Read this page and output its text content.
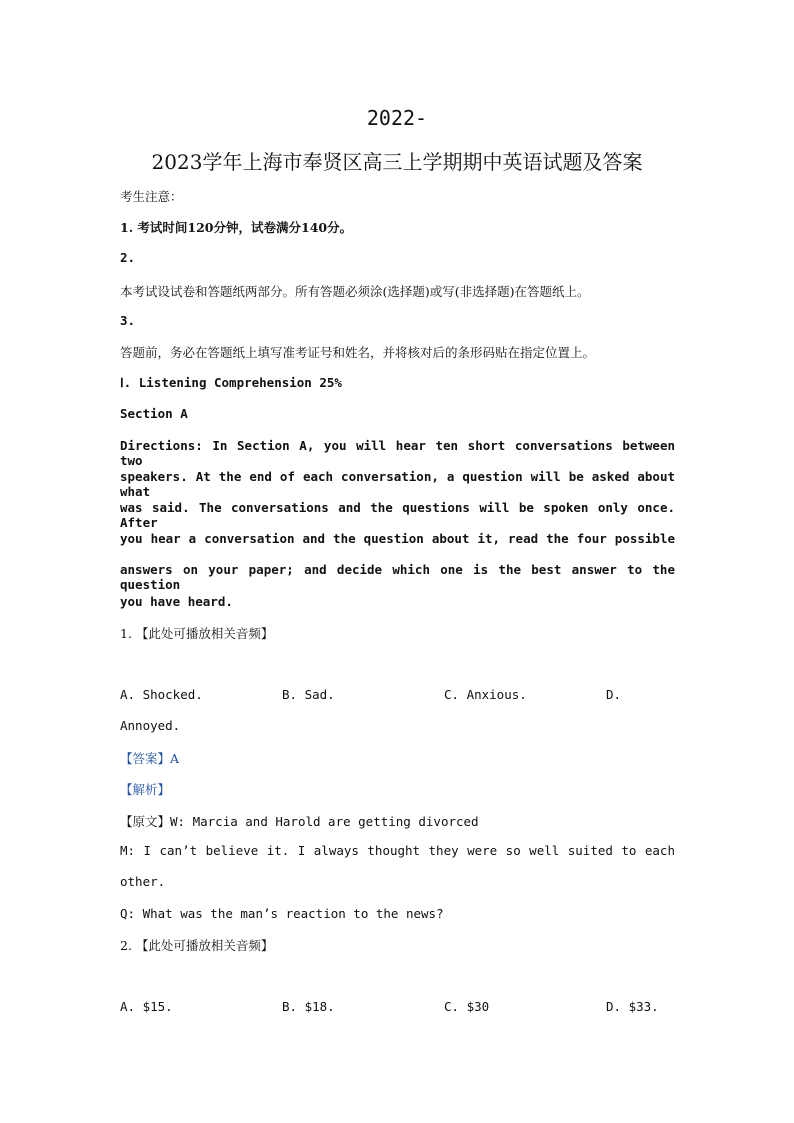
2022-
2023学年上海市奉贤区高三上学期期中英语试题及答案
考生注意：
1. 考试时间120分钟，试卷满分140分。
2.
本考试设试卷和答题纸两部分。所有答题必须涂(选择题)或写(非选择题)在答题纸上。
3.
答题前，务必在答题纸上填写准考证号和姓名，并将核对后的条形码贴在指定位置上。
Ⅰ. Listening Comprehension 25%
Section A
Directions: In Section A, you will hear ten short conversations between two
speakers. At the end of each conversation, a question will be asked about what
was said. The conversations and the questions will be spoken only once. After
you hear a conversation and the question about it, read the four possible
answers on your paper; and decide which one is the best answer to the question
you have heard.
1. 【此处可播放相关音频】
A. Shocked.	B. Sad.	C. Anxious.	D.
Annoyed.
【答案】A
【解析】
【原文】W: Marcia and Harold are getting divorced
M: I can’t believe it. I always thought they were so well suited to each
other.
Q: What was the man’s reaction to the news?
2. 【此处可播放相关音频】
A. $15.	B. $18.	C. $30	D. $33.
